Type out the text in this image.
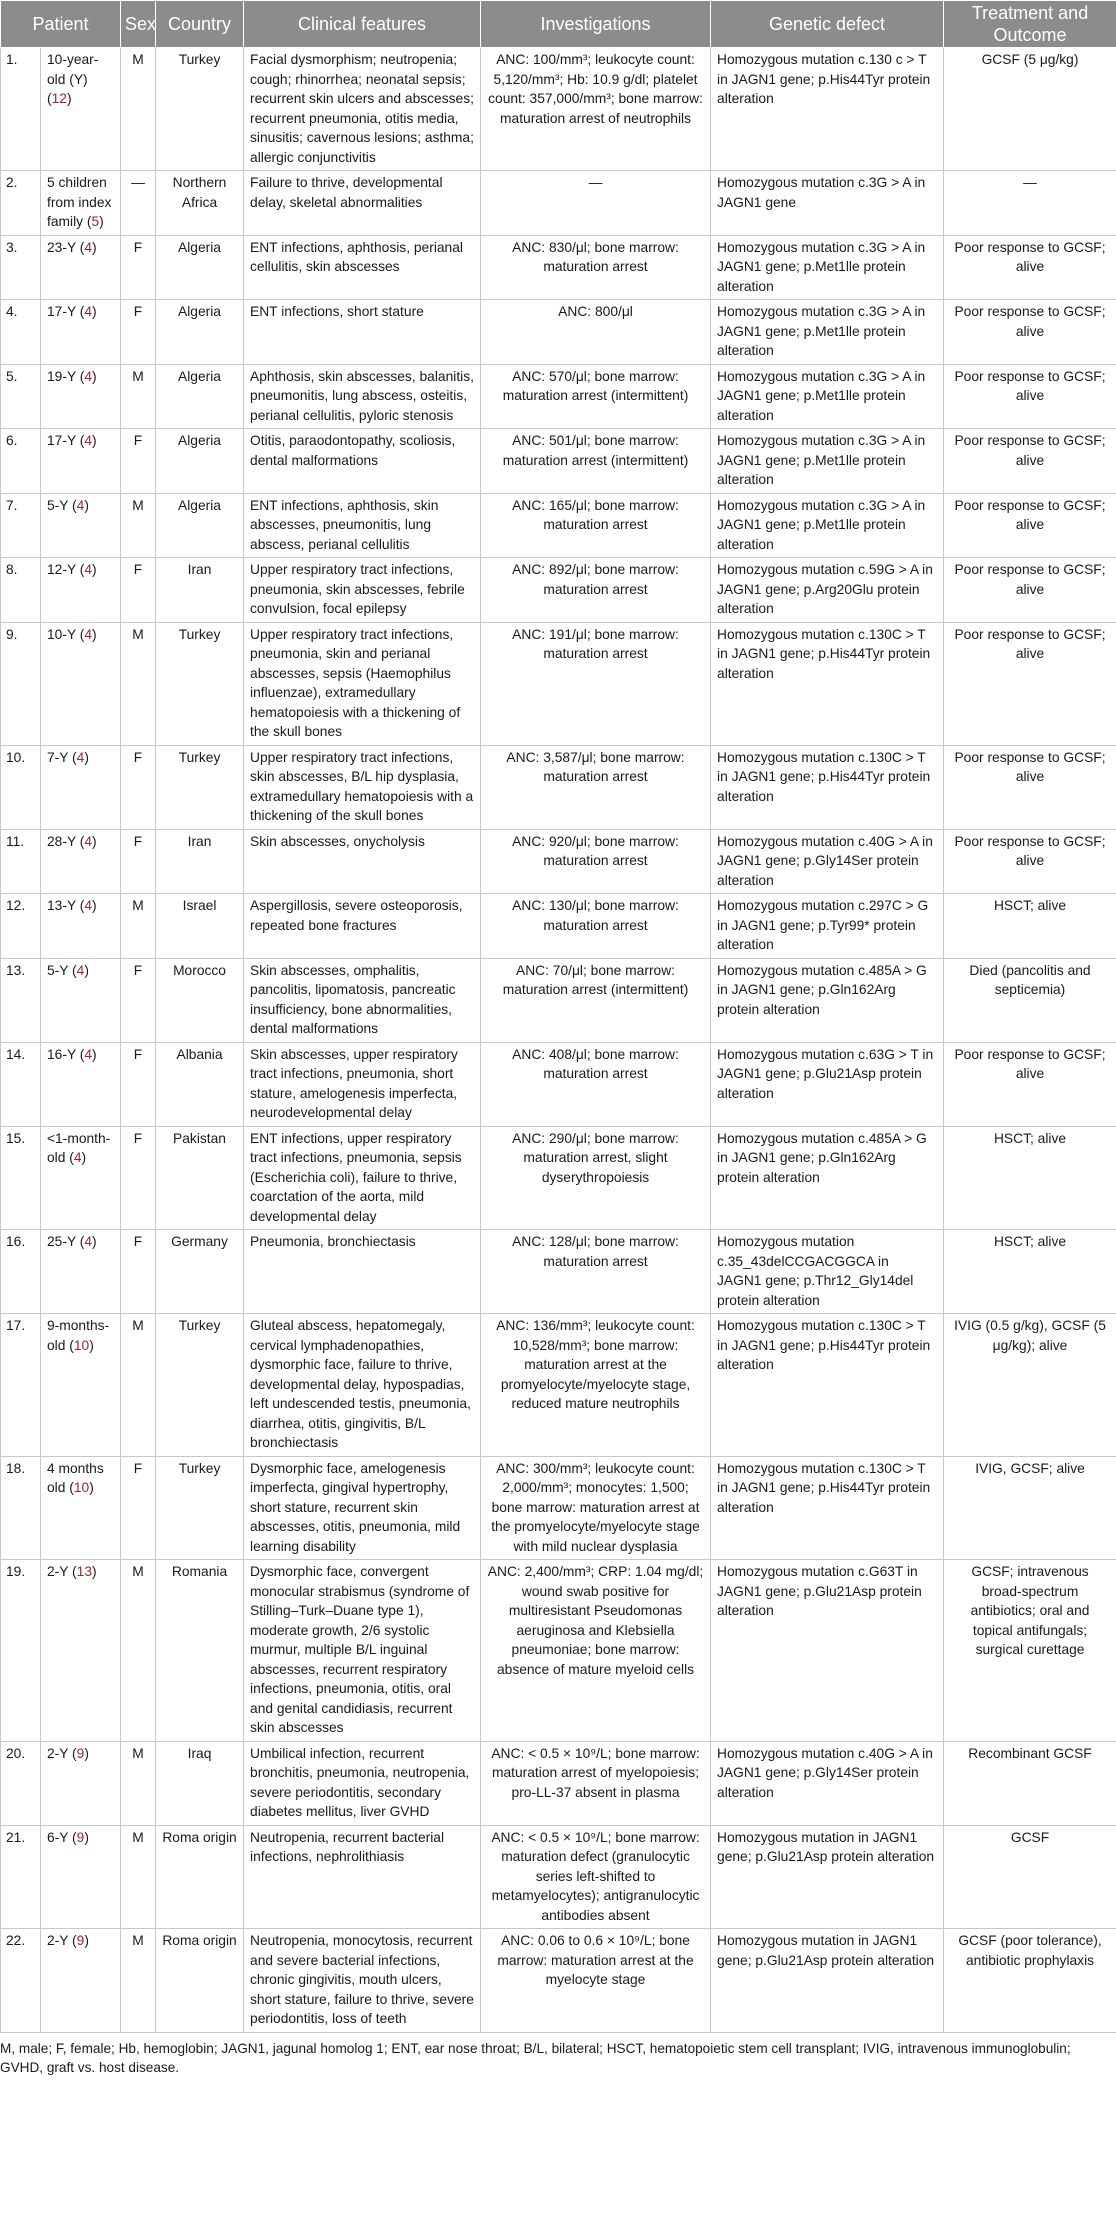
Patient		Sex	Country	Clinical features	Investigations	Genetic defect	Treatment and Outcome
1.	10-year-old (Y) (12)	M	Turkey	Facial dysmorphism; neutropenia; cough; rhinorrhea; neonatal sepsis; recurrent skin ulcers and abscesses; recurrent pneumonia, otitis media, sinusitis; cavernous lesions; asthma; allergic conjunctivitis	ANC: 100/mm³; leukocyte count: 5,120/mm³; Hb: 10.9 g/dl; platelet count: 357,000/mm³; bone marrow: maturation arrest of neutrophils	Homozygous mutation c.130 c > T in JAGN1 gene; p.His44Tyr protein alteration	GCSF (5 μg/kg)
2.	5 children from index family (5)	—	Northern Africa	Failure to thrive, developmental delay, skeletal abnormalities	—	Homozygous mutation c.3G > A in JAGN1 gene	—
3.	23-Y (4)	F	Algeria	ENT infections, aphthosis, perianal cellulitis, skin abscesses	ANC: 830/μl; bone marrow: maturation arrest	Homozygous mutation c.3G > A in JAGN1 gene; p.Met1lle protein alteration	Poor response to GCSF; alive
4.	17-Y (4)	F	Algeria	ENT infections, short stature	ANC: 800/μl	Homozygous mutation c.3G > A in JAGN1 gene; p.Met1lle protein alteration	Poor response to GCSF; alive
5.	19-Y (4)	M	Algeria	Aphthosis, skin abscesses, balanitis, pneumonitis, lung abscess, osteitis, perianal cellulitis, pyloric stenosis	ANC: 570/μl; bone marrow: maturation arrest (intermittent)	Homozygous mutation c.3G > A in JAGN1 gene; p.Met1lle protein alteration	Poor response to GCSF; alive
6.	17-Y (4)	F	Algeria	Otitis, paraodontopathy, scoliosis, dental malformations	ANC: 501/μl; bone marrow: maturation arrest (intermittent)	Homozygous mutation c.3G > A in JAGN1 gene; p.Met1lle protein alteration	Poor response to GCSF; alive
7.	5-Y (4)	M	Algeria	ENT infections, aphthosis, skin abscesses, pneumonitis, lung abscess, perianal cellulitis	ANC: 165/μl; bone marrow: maturation arrest	Homozygous mutation c.3G > A in JAGN1 gene; p.Met1lle protein alteration	Poor response to GCSF; alive
8.	12-Y (4)	F	Iran	Upper respiratory tract infections, pneumonia, skin abscesses, febrile convulsion, focal epilepsy	ANC: 892/μl; bone marrow: maturation arrest	Homozygous mutation c.59G > A in JAGN1 gene; p.Arg20Glu protein alteration	Poor response to GCSF; alive
9.	10-Y (4)	M	Turkey	Upper respiratory tract infections, pneumonia, skin and perianal abscesses, sepsis (Haemophilus influenzae), extramedullary hematopoiesis with a thickening of the skull bones	ANC: 191/μl; bone marrow: maturation arrest	Homozygous mutation c.130C > T in JAGN1 gene; p.His44Tyr protein alteration	Poor response to GCSF; alive
10.	7-Y (4)	F	Turkey	Upper respiratory tract infections, skin abscesses, B/L hip dysplasia, extramedullary hematopoiesis with a thickening of the skull bones	ANC: 3,587/μl; bone marrow: maturation arrest	Homozygous mutation c.130C > T in JAGN1 gene; p.His44Tyr protein alteration	Poor response to GCSF; alive
11.	28-Y (4)	F	Iran	Skin abscesses, onycholysis	ANC: 920/μl; bone marrow: maturation arrest	Homozygous mutation c.40G > A in JAGN1 gene; p.Gly14Ser protein alteration	Poor response to GCSF; alive
12.	13-Y (4)	M	Israel	Aspergillosis, severe osteoporosis, repeated bone fractures	ANC: 130/μl; bone marrow: maturation arrest	Homozygous mutation c.297C > G in JAGN1 gene; p.Tyr99* protein alteration	HSCT; alive
13.	5-Y (4)	F	Morocco	Skin abscesses, omphalitis, pancolitis, lipomatosis, pancreatic insufficiency, bone abnormalities, dental malformations	ANC: 70/μl; bone marrow: maturation arrest (intermittent)	Homozygous mutation c.485A > G in JAGN1 gene; p.Gln162Arg protein alteration	Died (pancolitis and septicemia)
14.	16-Y (4)	F	Albania	Skin abscesses, upper respiratory tract infections, pneumonia, short stature, amelogenesis imperfecta, neurodevelopmental delay	ANC: 408/μl; bone marrow: maturation arrest	Homozygous mutation c.63G > T in JAGN1 gene; p.Glu21Asp protein alteration	Poor response to GCSF; alive
15.	<1-month-old (4)	F	Pakistan	ENT infections, upper respiratory tract infections, pneumonia, sepsis (Escherichia coli), failure to thrive, coarctation of the aorta, mild developmental delay	ANC: 290/μl; bone marrow: maturation arrest, slight dyserythropoiesis	Homozygous mutation c.485A > G in JAGN1 gene; p.Gln162Arg protein alteration	HSCT; alive
16.	25-Y (4)	F	Germany	Pneumonia, bronchiectasis	ANC: 128/μl; bone marrow: maturation arrest	Homozygous mutation c.35_43delCCGACGGCA in JAGN1 gene; p.Thr12_Gly14del protein alteration	HSCT; alive
17.	9-months-old (10)	M	Turkey	Gluteal abscess, hepatomegaly, cervical lymphadenopathies, dysmorphic face, failure to thrive, developmental delay, hypospadias, left undescended testis, pneumonia, diarrhea, otitis, gingivitis, B/L bronchiectasis	ANC: 136/mm³; leukocyte count: 10,528/mm³; bone marrow: maturation arrest at the promyelocyte/myelocyte stage, reduced mature neutrophils	Homozygous mutation c.130C > T in JAGN1 gene; p.His44Tyr protein alteration	IVIG (0.5 g/kg), GCSF (5 μg/kg); alive
18.	4 months old (10)	F	Turkey	Dysmorphic face, amelogenesis imperfecta, gingival hypertrophy, short stature, recurrent skin abscesses, otitis, pneumonia, mild learning disability	ANC: 300/mm³; leukocyte count: 2,000/mm³; monocytes: 1,500; bone marrow: maturation arrest at the promyelocyte/myelocyte stage with mild nuclear dysplasia	Homozygous mutation c.130C > T in JAGN1 gene; p.His44Tyr protein alteration	IVIG, GCSF; alive
19.	2-Y (13)	M	Romania	Dysmorphic face, convergent monocular strabismus (syndrome of Stilling–Turk–Duane type 1), moderate growth, 2/6 systolic murmur, multiple B/L inguinal abscesses, recurrent respiratory infections, pneumonia, otitis, oral and genital candidiasis, recurrent skin abscesses	ANC: 2,400/mm³; CRP: 1.04 mg/dl; wound swab positive for multiresistant Pseudomonas aeruginosa and Klebsiella pneumoniae; bone marrow: absence of mature myeloid cells	Homozygous mutation c.G63T in JAGN1 gene; p.Glu21Asp protein alteration	GCSF; intravenous broad-spectrum antibiotics; oral and topical antifungals; surgical curettage
20.	2-Y (9)	M	Iraq	Umbilical infection, recurrent bronchitis, pneumonia, neutropenia, severe periodontitis, secondary diabetes mellitus, liver GVHD	ANC: < 0.5 × 10⁹/L; bone marrow: maturation arrest of myelopoiesis; pro-LL-37 absent in plasma	Homozygous mutation c.40G > A in JAGN1 gene; p.Gly14Ser protein alteration	Recombinant GCSF
21.	6-Y (9)	M	Roma origin	Neutropenia, recurrent bacterial infections, nephrolithiasis	ANC: < 0.5 × 10⁹/L; bone marrow: maturation defect (granulocytic series left-shifted to metamyelocytes); antigranulocytic antibodies absent	Homozygous mutation in JAGN1 gene; p.Glu21Asp protein alteration	GCSF
22.	2-Y (9)	M	Roma origin	Neutropenia, monocytosis, recurrent and severe bacterial infections, chronic gingivitis, mouth ulcers, short stature, failure to thrive, severe periodontitis, loss of teeth	ANC: 0.06 to 0.6 × 10⁹/L; bone marrow: maturation arrest at the myelocyte stage	Homozygous mutation in JAGN1 gene; p.Glu21Asp protein alteration	GCSF (poor tolerance), antibiotic prophylaxis
M, male; F, female; Hb, hemoglobin; JAGN1, jagunal homolog 1; ENT, ear nose throat; B/L, bilateral; HSCT, hematopoietic stem cell transplant; IVIG, intravenous immunoglobulin; GVHD, graft vs. host disease.
